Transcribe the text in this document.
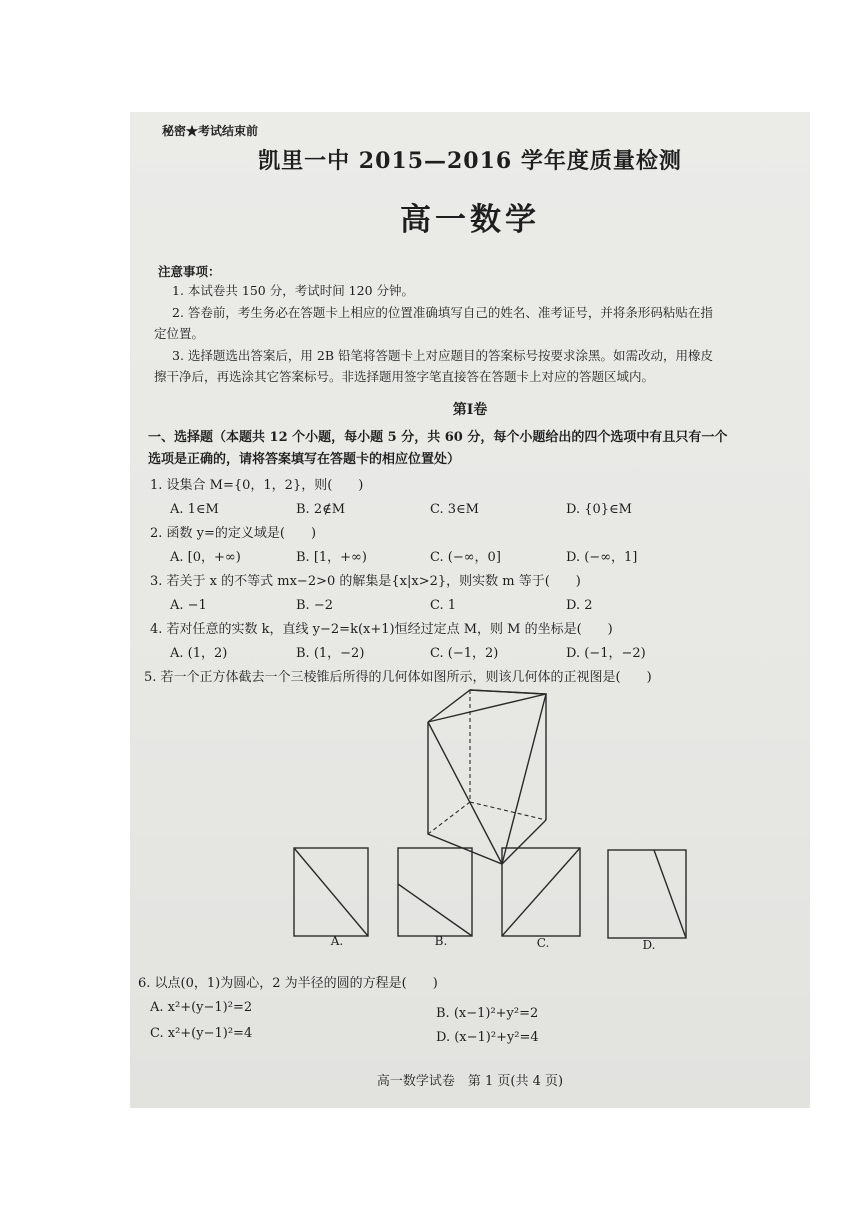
秘密★考试结束前
凯里一中 2015—2016 学年度质量检测
高一数学
注意事项：
1. 本试卷共 150 分，考试时间 120 分钟。
2. 答卷前，考生务必在答题卡上相应的位置准确填写自己的姓名、准考证号，并将条形码粘贴在指
定位置。
3. 选择题选出答案后，用 2B 铅笔将答题卡上对应题目的答案标号按要求涂黑。如需改动，用橡皮
擦干净后，再选涂其它答案标号。非选择题用签字笔直接答在答题卡上对应的答题区域内。
第Ⅰ卷
一、选择题（本题共 12 个小题，每小题 5 分，共 60 分，每个小题给出的四个选项中有且只有一个
选项是正确的，请将答案填写在答题卡的相应位置处）
1. 设集合 M={0，1，2}，则(　　)
A. 1∈M	B. 2∉M	C. 3∈M	D. {0}∈M
2. 函数 y=的定义域是(　　)
A. [0，+∞)	B. [1，+∞)	C. (−∞，0]	D. (−∞，1]
3. 若关于 x 的不等式 mx−2>0 的解集是{x|x>2}，则实数 m 等于(　　)
A. −1	B. −2	C. 1	D. 2
4. 若对任意的实数 k，直线 y−2=k(x+1)恒经过定点 M，则 M 的坐标是(　　)
A. (1，2)	B. (1，−2)	C. (−1，2)	D. (−1，−2)
5. 若一个正方体截去一个三棱锥后所得的几何体如图所示，则该几何体的正视图是(　　)
A.	B.	C.	D.
6. 以点(0，1)为圆心，2 为半径的圆的方程是(　　)
A. x²+(y−1)²=2	B. (x−1)²+y²=2
C. x²+(y−1)²=4	D. (x−1)²+y²=4
高一数学试卷　第 1 页(共 4 页)
